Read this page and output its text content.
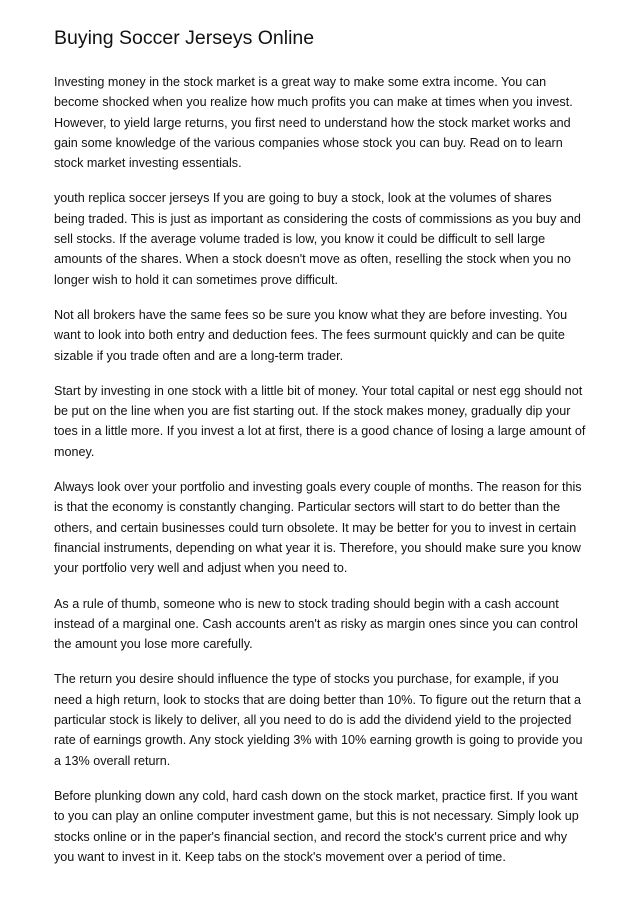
Buying Soccer Jerseys Online

Investing money in the stock market is a great way to make some extra income. You can become shocked when you realize how much profits you can make at times when you invest. However, to yield large returns, you first need to understand how the stock market works and gain some knowledge of the various companies whose stock you can buy. Read on to learn stock market investing essentials.

youth replica soccer jerseys If you are going to buy a stock, look at the volumes of shares being traded. This is just as important as considering the costs of commissions as you buy and sell stocks. If the average volume traded is low, you know it could be difficult to sell large amounts of the shares. When a stock doesn't move as often, reselling the stock when you no longer wish to hold it can sometimes prove difficult.

Not all brokers have the same fees so be sure you know what they are before investing. You want to look into both entry and deduction fees. The fees surmount quickly and can be quite sizable if you trade often and are a long-term trader.

Start by investing in one stock with a little bit of money. Your total capital or nest egg should not be put on the line when you are fist starting out. If the stock makes money, gradually dip your toes in a little more. If you invest a lot at first, there is a good chance of losing a large amount of money.

Always look over your portfolio and investing goals every couple of months. The reason for this is that the economy is constantly changing. Particular sectors will start to do better than the others, and certain businesses could turn obsolete. It may be better for you to invest in certain financial instruments, depending on what year it is. Therefore, you should make sure you know your portfolio very well and adjust when you need to.

As a rule of thumb, someone who is new to stock trading should begin with a cash account instead of a marginal one. Cash accounts aren't as risky as margin ones since you can control the amount you lose more carefully.

The return you desire should influence the type of stocks you purchase, for example, if you need a high return, look to stocks that are doing better than 10%. To figure out the return that a particular stock is likely to deliver, all you need to do is add the dividend yield to the projected rate of earnings growth. Any stock yielding 3% with 10% earning growth is going to provide you a 13% overall return.

Before plunking down any cold, hard cash down on the stock market, practice first. If you want to you can play an online computer investment game, but this is not necessary. Simply look up stocks online or in the paper's financial section, and record the stock's current price and why you want to invest in it. Keep tabs on the stock's movement over a period of time.
